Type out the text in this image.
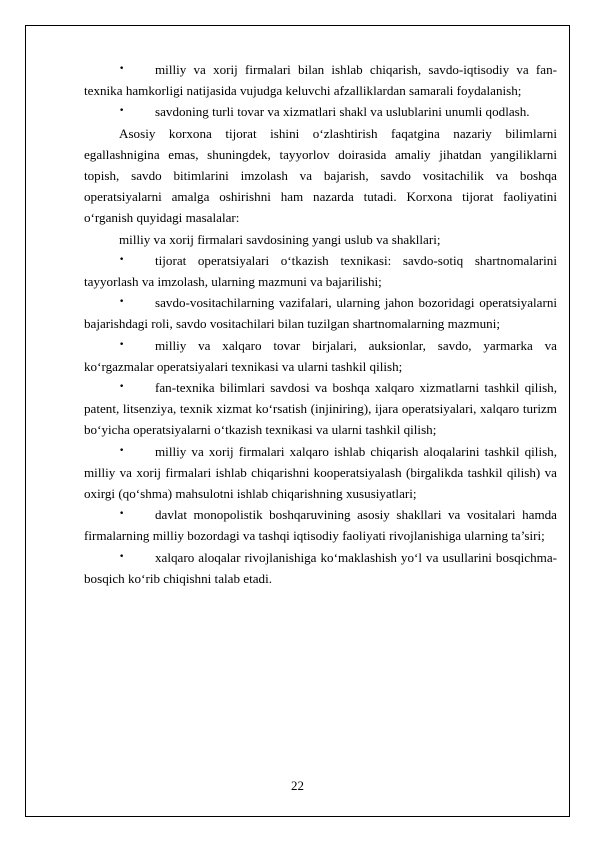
• milliy va xorij firmalari bilan ishlab chiqarish, savdo-iqtisodiy va fan-texnika hamkorligi natijasida vujudga keluvchi afzalliklardan samarali foydalanish;

• savdoning turli tovar va xizmatlari shakl va uslublarini unumli qodlash.

Asosiy korxona tijorat ishini o‘zlashtirish faqatgina nazariy bilimlarni egallashnigina emas, shuningdek, tayyorlov doirasida amaliy jihatdan yangiliklarni topish, savdo bitimlarini imzolash va bajarish, savdo vositachilik va boshqa operatsiyalarni amalga oshirishni ham nazarda tutadi. Korxona tijorat faoliyatini o‘rganish quyidagi masalalar:

milliy va xorij firmalari savdosining yangi uslub va shakllari;

• tijorat operatsiyalari o‘tkazish texnikasi: savdo-sotiq shartnomalarini tayyorlash va imzolash, ularning mazmuni va bajarilishi;

• savdo-vositachilarning vazifalari, ularning jahon bozoridagi operatsiyalarni bajarishdagi roli, savdo vositachilari bilan tuzilgan shartnomalarning mazmuni;

• milliy va xalqaro tovar birjalari, auksionlar, savdo, yarmarka va ko‘rgazmalar operatsiyalari texnikasi va ularni tashkil qilish;

• fan-texnika bilimlari savdosi va boshqa xalqaro xizmatlarni tashkil qilish, patent, litsenziya, texnik xizmat ko‘rsatish (injiniring), ijara operatsiyalari, xalqaro turizm bo‘yicha operatsiyalarni o‘tkazish texnikasi va ularni tashkil qilish;

• milliy va xorij firmalari xalqaro ishlab chiqarish aloqalarini tashkil qilish, milliy va xorij firmalari ishlab chiqarishni kooperatsiyalash (birgalikda tashkil qilish) va oxirgi (qo‘shma) mahsulotni ishlab chiqarishning xususiyatlari;

• davlat monopolistik boshqaruvining asosiy shakllari va vositalari hamda firmalarning milliy bozordagi va tashqi iqtisodiy faoliyati rivojlanishiga ularning ta’siri;

• xalqaro aloqalar rivojlanishiga ko‘maklashish yo‘l va usullarini bosqichma- bosqich ko‘rib chiqishni talab etadi.

22
